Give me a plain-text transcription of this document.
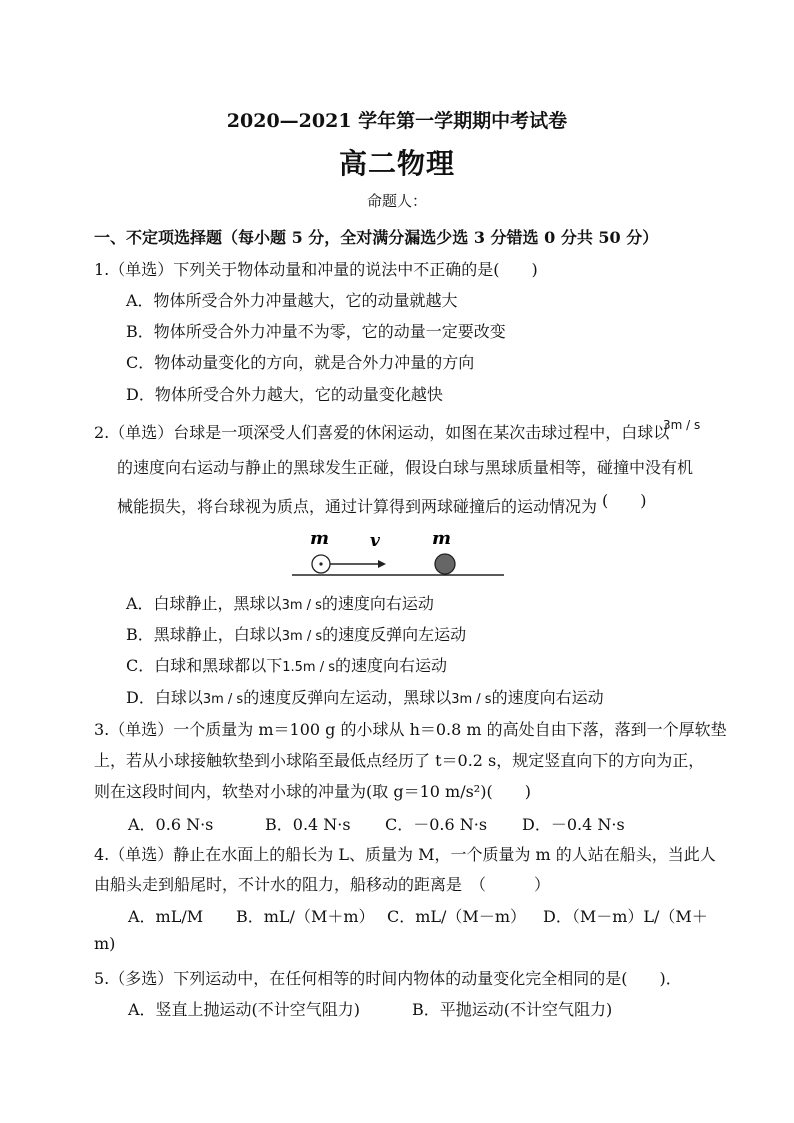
2020—2021 学年第一学期期中考试卷
高二物理
命题人：
一、不定项选择题（每小题 5 分，全对满分漏选少选 3 分错选 0 分共 50 分）
1.（单选）下列关于物体动量和冲量的说法中不正确的是(　　)
A．物体所受合外力冲量越大，它的动量就越大
B．物体所受合外力冲量不为零，它的动量一定要改变
C．物体动量变化的方向，就是合外力冲量的方向
D．物体所受合外力越大，它的动量变化越快
2.（单选）台球是一项深受人们喜爱的休闲运动，如图在某次击球过程中，白球以
3m / s
的速度向右运动与静止的黑球发生正碰，假设白球与黑球质量相等，碰撞中没有机
械能损失，将台球视为质点，通过计算得到两球碰撞后的运动情况为 (　　)
m v	m
A．白球静止，黑球以3m / s的速度向右运动
B．黑球静止，白球以3m / s的速度反弹向左运动
C．白球和黑球都以下1.5m / s的速度向右运动
D．白球以3m / s的速度反弹向左运动，黑球以3m / s的速度向右运动
3.（单选）一个质量为 m＝100 g 的小球从 h＝0.8 m 的高处自由下落，落到一个厚软垫
上，若从小球接触软垫到小球陷至最低点经历了 t＝0.2 s，规定竖直向下的方向为正，
则在这段时间内，软垫对小球的冲量为(取 g＝10 m/s²)(　　)
A．0.6 N·s	B．0.4 N·s C．－0.6 N·s D．－0.4 N·s
4.（单选）静止在水面上的船长为 L、质量为 M，一个质量为 m 的人站在船头，当此人
由船头走到船尾时，不计水的阻力，船移动的距离是　（　　　）
A．mL/M B．mL/（M＋m） C．mL/（M－m） D．（M－m）L/（M＋
m)
5.（多选）下列运动中，在任何相等的时间内物体的动量变化完全相同的是(　　)．
A．竖直上抛运动(不计空气阻力)	B．平抛运动(不计空气阻力)
